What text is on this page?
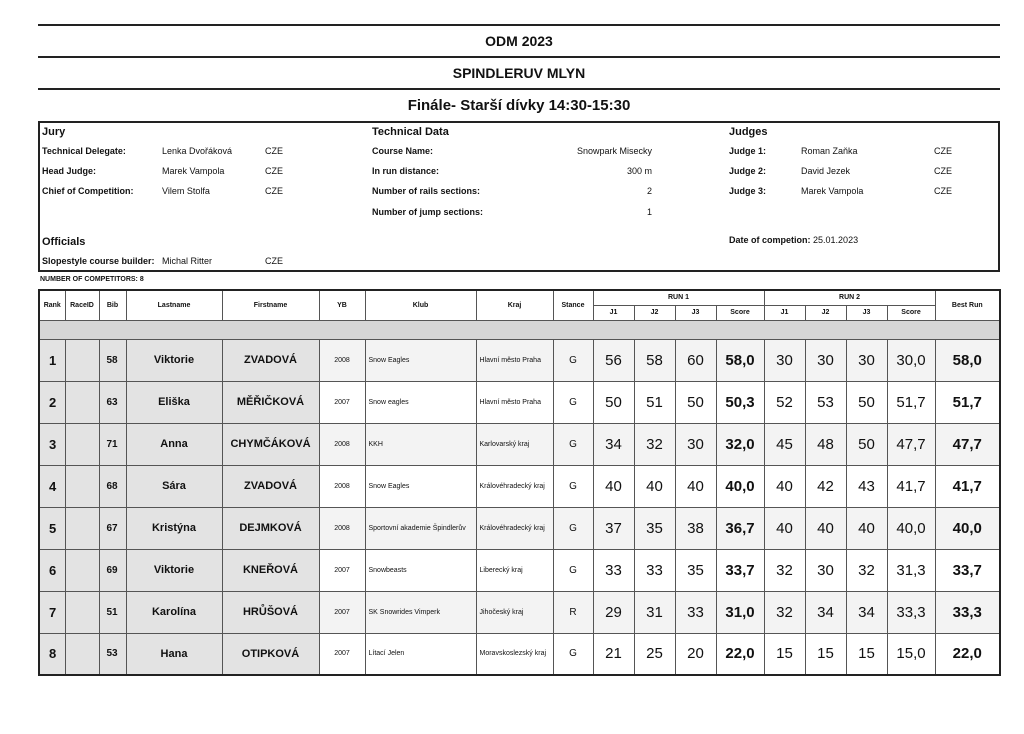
ODM 2023
SPINDLERUV MLYN
Finále- Starší dívky 14:30-15:30
Jury
Technical Delegate:	Lenka Dvořáková	CZE
Head Judge:	Marek Vampola	CZE
Chief of Competition:	Vilem Stolfa	CZE
Officials
Slopestyle course builder: Michal Ritter	CZE
Technical Data
Course Name:	Snowpark Misecky
In run distance:	300 m
Number of rails sections:	2
Number of jump sections:	1
Judges
Judge 1:	Roman Zaňka	CZE
Judge 2:	David Jezek	CZE
Judge 3:	Marek Vampola	CZE
Date of competion: 25.01.2023
NUMBER OF COMPETITORS: 8
Rank	RaceID	Bib	Lastname	Firstname	YB	Klub	Kraj	Stance	RUN 1				RUN 2				Best Run
									J1	J2	J3	Score	J1	J2	J3	Score	

1		58	Viktorie	ZVADOVÁ	2008	Snow Eagles	Hlavní město Praha	G	56	58	60	58,0	30	30	30	30,0	58,0
2		63	Eliška	MĚŘIČKOVÁ	2007	Snow eagles	Hlavní město Praha	G	50	51	50	50,3	52	53	50	51,7	51,7
3		71	Anna	CHYMČÁKOVÁ	2008	KKH	Karlovarský kraj	G	34	32	30	32,0	45	48	50	47,7	47,7
4		68	Sára	ZVADOVÁ	2008	Snow Eagles	Královéhradecký kraj	G	40	40	40	40,0	40	42	43	41,7	41,7
5		67	Kristýna	DEJMKOVÁ	2008	Sportovní akademie Špindlerův	Královéhradecký kraj	G	37	35	38	36,7	40	40	40	40,0	40,0
6		69	Viktorie	KNEŘOVÁ	2007	Snowbeasts	Liberecký kraj	G	33	33	35	33,7	32	30	32	31,3	33,7
7		51	Karolína	HRŮŠOVÁ	2007	SK Snowrides Vimperk	Jihočeský kraj	R	29	31	33	31,0	32	34	34	33,3	33,3
8		53	Hana	OTIPKOVÁ	2007	Lítací Jelen	Moravskoslezský kraj	G	21	25	20	22,0	15	15	15	15,0	22,0
